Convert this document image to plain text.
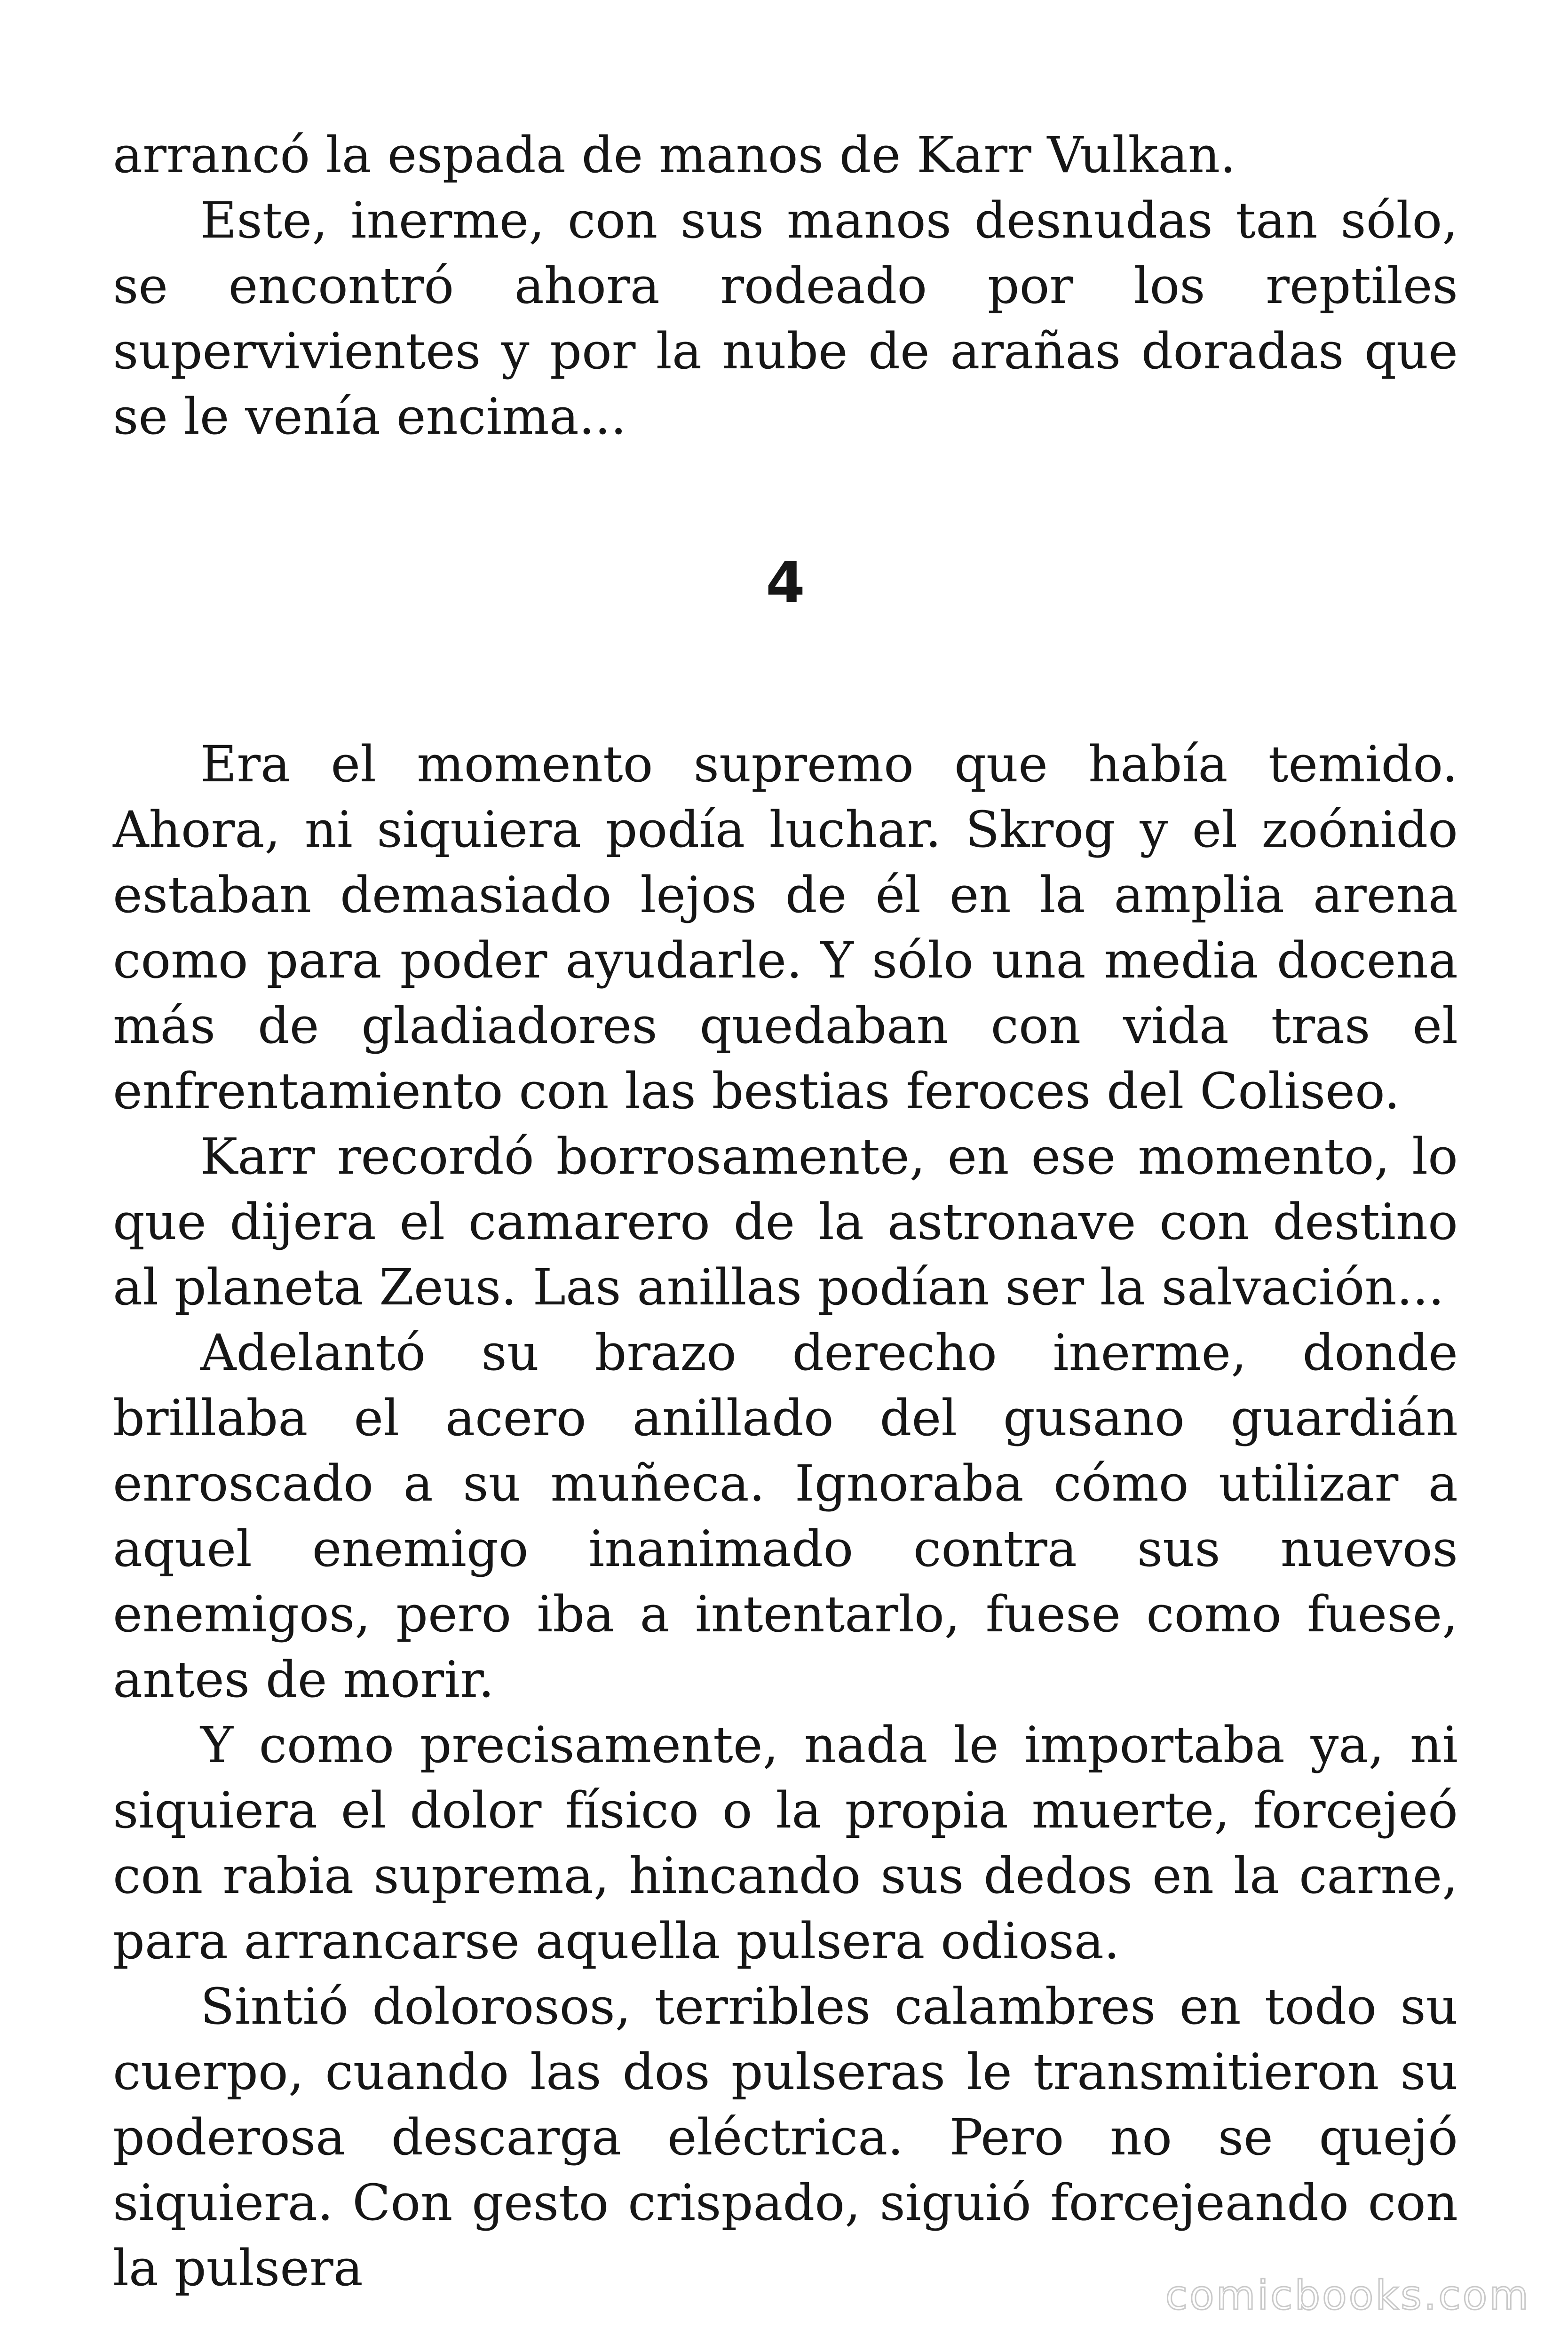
arrancó la espada de manos de Karr Vulkan.

Este, inerme, con sus manos desnudas tan sólo, se encontró ahora rodeado por los reptiles supervivientes y por la nube de arañas doradas que se le venía encima...

4

Era el momento supremo que había temido. Ahora, ni siquiera podía luchar. Skrog y el zoónido estaban demasiado lejos de él en la amplia arena como para poder ayudarle. Y sólo una media docena más de gladiadores quedaban con vida tras el enfrentamiento con las bestias feroces del Coliseo.

Karr recordó borrosamente, en ese momento, lo que dijera el camarero de la astronave con destino al planeta Zeus. Las anillas podían ser la salvación...

Adelantó su brazo derecho inerme, donde brillaba el acero anillado del gusano guardián enroscado a su muñeca. Ignoraba cómo utilizar a aquel enemigo inanimado contra sus nuevos enemigos, pero iba a intentarlo, fuese como fuese, antes de morir.

Y como precisamente, nada le importaba ya, ni siquiera el dolor físico o la propia muerte, forcejeó con rabia suprema, hincando sus dedos en la carne, para arrancarse aquella pulsera odiosa.

Sintió dolorosos, terribles calambres en todo su cuerpo, cuando las dos pulseras le transmitieron su poderosa descarga eléctrica. Pero no se quejó siquiera. Con gesto crispado, siguió forcejeando con la pulsera	comicbooks.com
